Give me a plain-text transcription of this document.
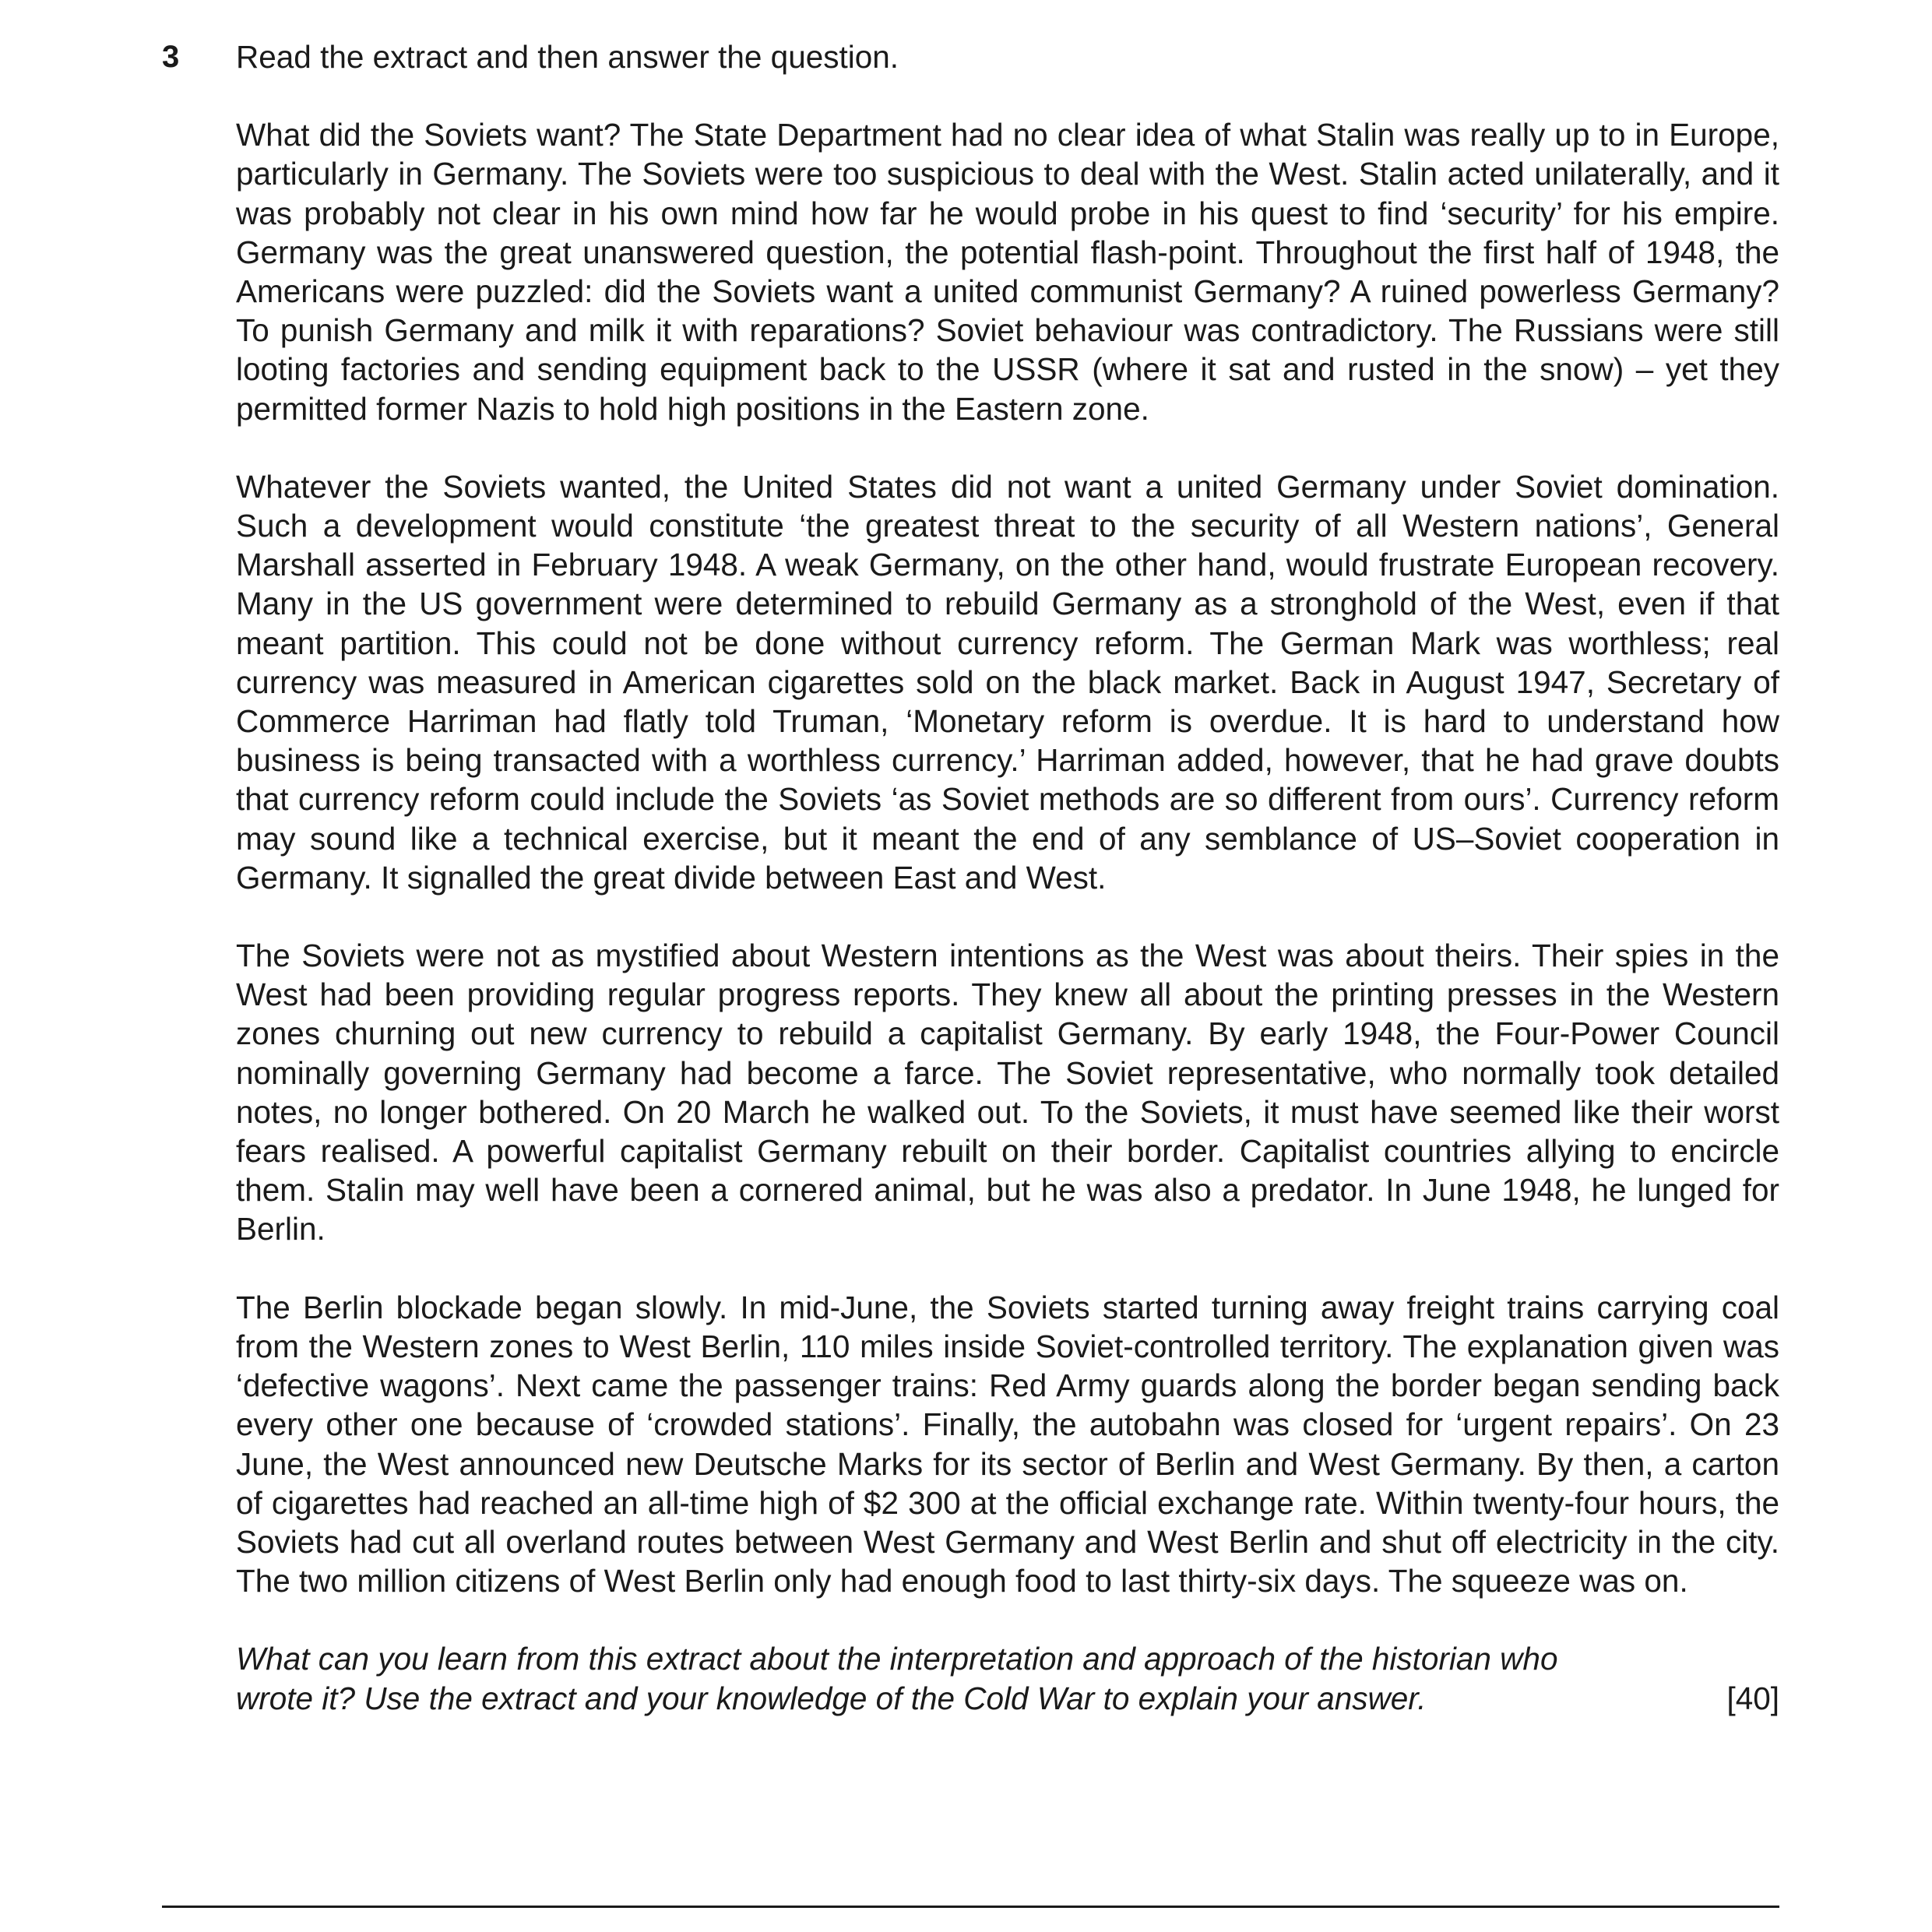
3 Read the extract and then answer the question.

What did the Soviets want? The State Department had no clear idea of what Stalin was really up to in Europe, particularly in Germany. The Soviets were too suspicious to deal with the West. Stalin acted unilaterally, and it was probably not clear in his own mind how far he would probe in his quest to find ‘security’ for his empire. Germany was the great unanswered question, the potential flash-point. Throughout the first half of 1948, the Americans were puzzled: did the Soviets want a united communist Germany? A ruined powerless Germany? To punish Germany and milk it with reparations? Soviet behaviour was contradictory. The Russians were still looting factories and sending equipment back to the USSR (where it sat and rusted in the snow) – yet they permitted former Nazis to hold high positions in the Eastern zone.

Whatever the Soviets wanted, the United States did not want a united Germany under Soviet domination. Such a development would constitute ‘the greatest threat to the security of all Western nations’, General Marshall asserted in February 1948. A weak Germany, on the other hand, would frustrate European recovery. Many in the US government were determined to rebuild Germany as a stronghold of the West, even if that meant partition. This could not be done without currency reform. The German Mark was worthless; real currency was measured in American cigarettes sold on the black market. Back in August 1947, Secretary of Commerce Harriman had flatly told Truman, ‘Monetary reform is overdue. It is hard to understand how business is being transacted with a worthless currency.’ Harriman added, however, that he had grave doubts that currency reform could include the Soviets ‘as Soviet methods are so different from ours’. Currency reform may sound like a technical exercise, but it meant the end of any semblance of US–Soviet cooperation in Germany. It signalled the great divide between East and West.

The Soviets were not as mystified about Western intentions as the West was about theirs. Their spies in the West had been providing regular progress reports. They knew all about the printing presses in the Western zones churning out new currency to rebuild a capitalist Germany. By early 1948, the Four-Power Council nominally governing Germany had become a farce. The Soviet representative, who normally took detailed notes, no longer bothered. On 20 March he walked out. To the Soviets, it must have seemed like their worst fears realised. A powerful capitalist Germany rebuilt on their border. Capitalist countries allying to encircle them. Stalin may well have been a cornered animal, but he was also a predator. In June 1948, he lunged for Berlin.

The Berlin blockade began slowly. In mid-June, the Soviets started turning away freight trains carrying coal from the Western zones to West Berlin, 110 miles inside Soviet-controlled territory. The explanation given was ‘defective wagons’. Next came the passenger trains: Red Army guards along the border began sending back every other one because of ‘crowded stations’. Finally, the autobahn was closed for ‘urgent repairs’. On 23 June, the West announced new Deutsche Marks for its sector of Berlin and West Germany. By then, a carton of cigarettes had reached an all-time high of $2 300 at the official exchange rate. Within twenty-four hours, the Soviets had cut all overland routes between West Germany and West Berlin and shut off electricity in the city. The two million citizens of West Berlin only had enough food to last thirty-six days. The squeeze was on.

What can you learn from this extract about the interpretation and approach of the historian who
wrote it? Use the extract and your knowledge of the Cold War to explain your answer.	[40]
